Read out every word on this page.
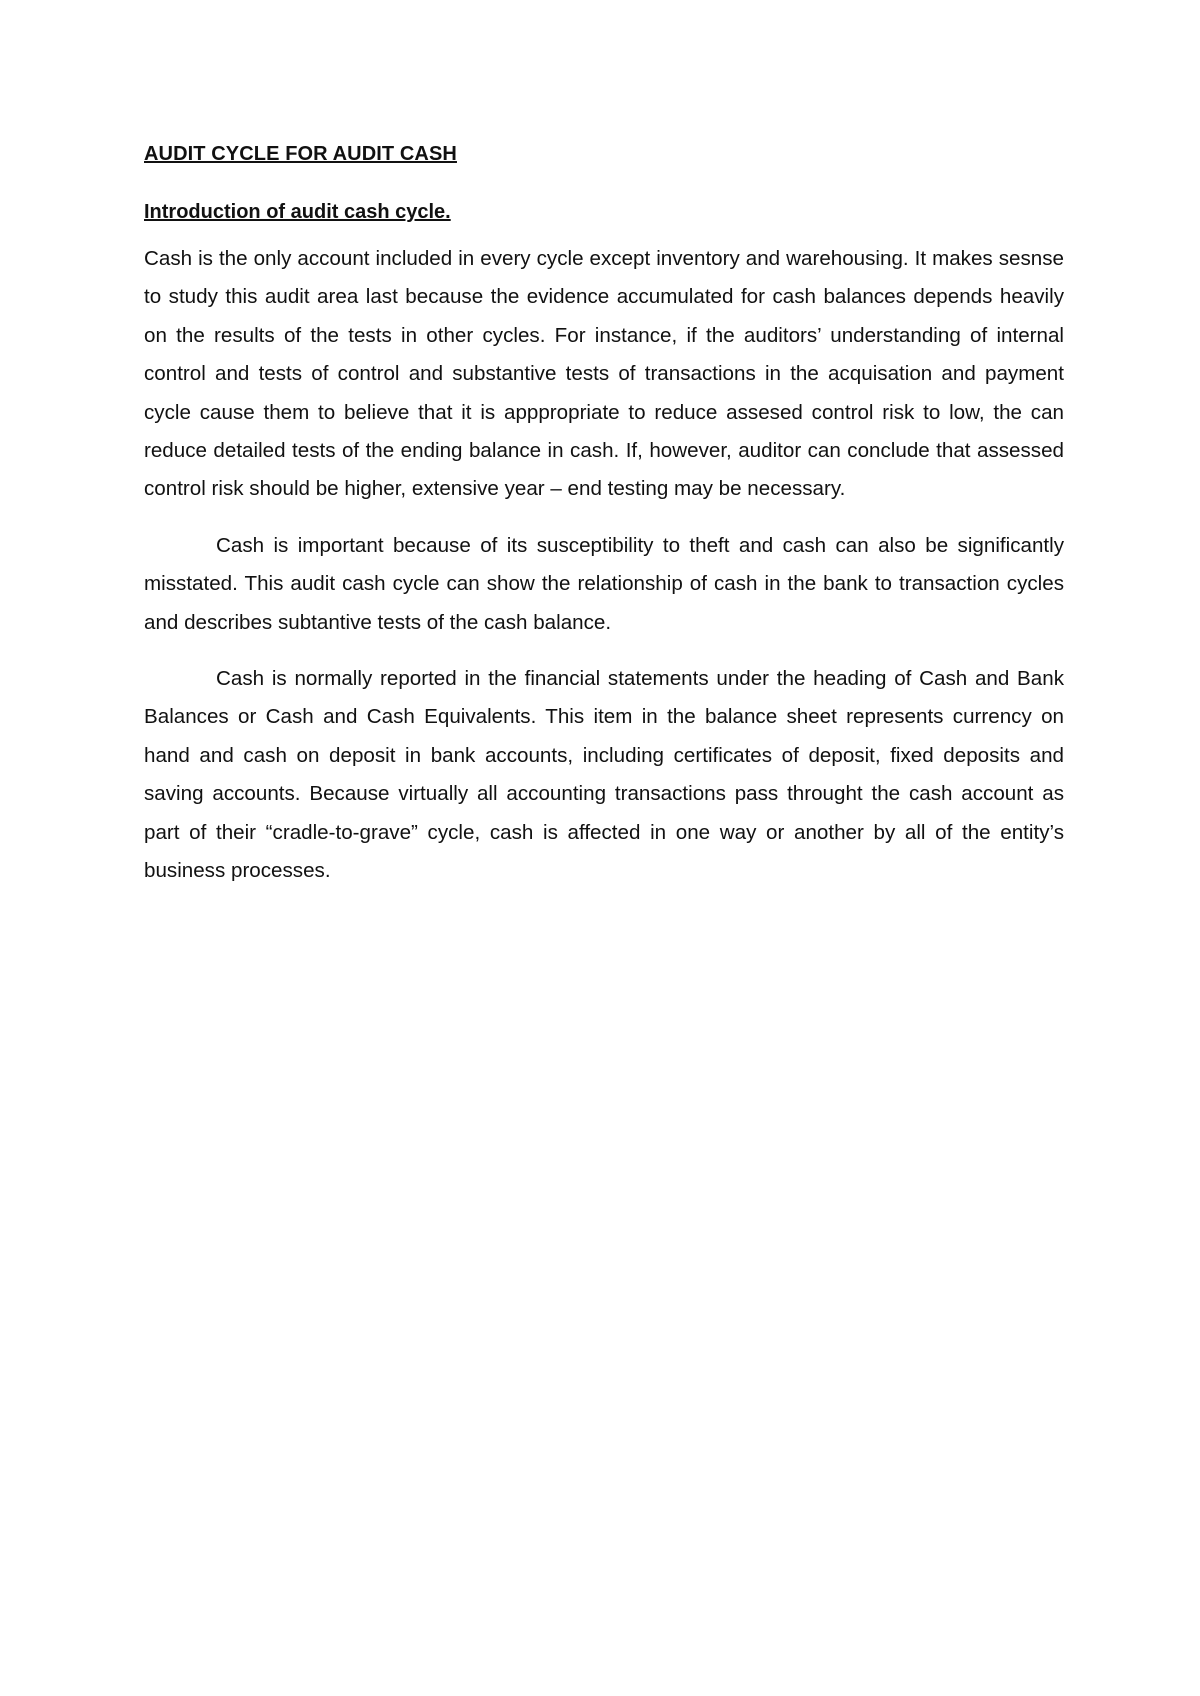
AUDIT CYCLE FOR AUDIT CASH
Introduction of audit cash cycle.

Cash is the only account included in every cycle except inventory and warehousing. It makes sesnse to study this audit area last because the evidence accumulated for cash balances depends heavily on the results of the tests in other cycles. For instance, if the auditors’ understanding of internal control and tests of control and substantive tests of transactions in the acquisation and payment cycle cause them to believe that it is apppropriate to reduce assesed control risk to low, the can reduce detailed tests of the ending balance in cash. If, however, auditor can conclude that assessed control risk should be higher, extensive year – end testing may be necessary.

Cash is important because of its susceptibility to theft and cash can also be significantly misstated. This audit cash cycle can show the relationship of cash in the bank to transaction cycles and describes subtantive tests of the cash balance.

Cash is normally reported in the financial statements under the heading of Cash and Bank Balances or Cash and Cash Equivalents. This item in the balance sheet represents currency on hand and cash on deposit in bank accounts, including certificates of deposit, fixed deposits and saving accounts. Because virtually all accounting transactions pass throught the cash account as part of their “cradle-to-grave” cycle, cash is affected in one way or another by all of the entity’s business processes.
